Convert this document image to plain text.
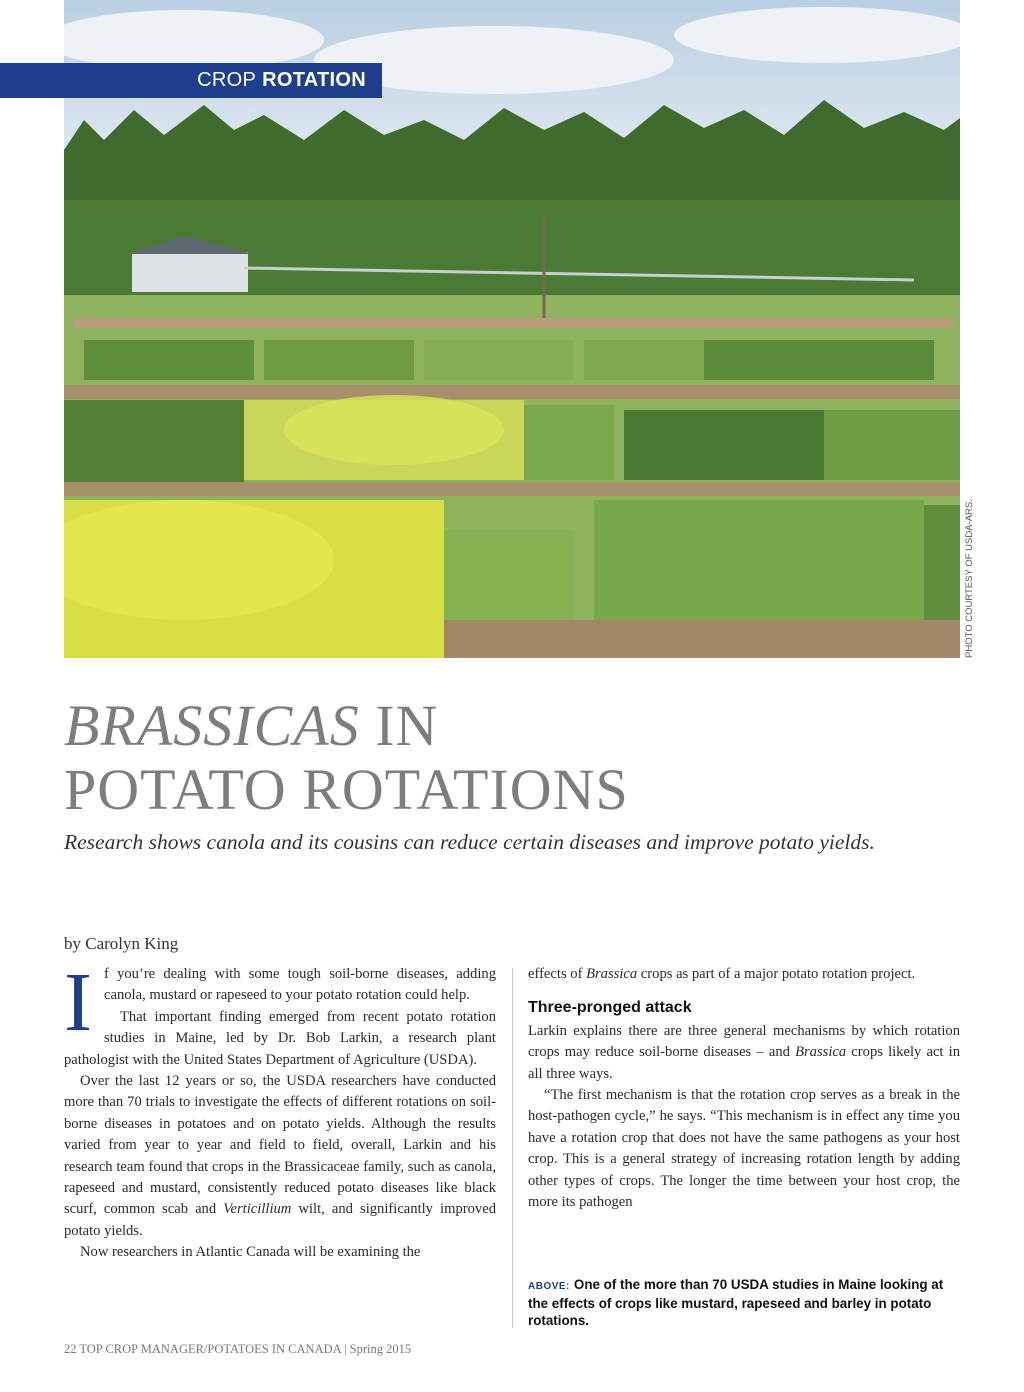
CROP ROTATION
PHOTO COURTESY OF USDA-ARS.
BRASSICAS IN
POTATO ROTATIONS

Research shows canola and its cousins can reduce certain diseases and improve potato yields.

by Carolyn King

If you’re dealing with some tough soil-borne diseases, adding canola, mustard or rapeseed to your potato rotation could help.

That important finding emerged from recent potato rotation studies in Maine, led by Dr. Bob Larkin, a research plant pathologist with the United States Department of Agriculture (USDA).

Over the last 12 years or so, the USDA researchers have conducted more than 70 trials to investigate the effects of different rotations on soil-borne diseases in potatoes and on potato yields. Although the results varied from year to year and field to field, overall, Larkin and his research team found that crops in the Brassicaceae family, such as canola, rapeseed and mustard, consistently reduced potato diseases like black scurf, common scab and Verticillium wilt, and significantly improved potato yields.

Now researchers in Atlantic Canada will be examining the

effects of Brassica crops as part of a major potato rotation project.

Three-pronged attack

Larkin explains there are three general mechanisms by which rotation crops may reduce soil-borne diseases – and Brassica crops likely act in all three ways.

“The first mechanism is that the rotation crop serves as a break in the host-pathogen cycle,” he says. “This mechanism is in effect any time you have a rotation crop that does not have the same pathogens as your host crop. This is a general strategy of increasing rotation length by adding other types of crops. The longer the time between your host crop, the more its pathogen

ABOVE: One of the more than 70 USDA studies in Maine looking at the effects of crops like mustard, rapeseed and barley in potato rotations.
22 TOP CROP MANAGER/POTATOES IN CANADA | Spring 2015
